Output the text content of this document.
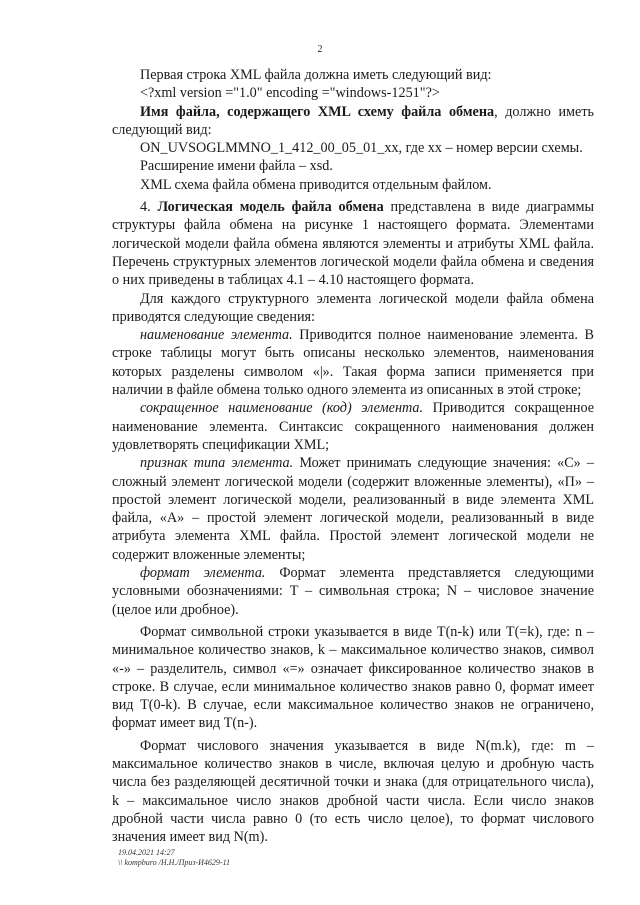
2

Первая строка XML файла должна иметь следующий вид:

<?xml version ="1.0" encoding ="windows-1251"?>

Имя файла, содержащего XML схему файла обмена, должно иметь следующий вид:

ON_UVSOGLMMNO_1_412_00_05_01_xx, где xx – номер версии схемы.

Расширение имени файла – xsd.

XML схема файла обмена приводится отдельным файлом.

4. Логическая модель файла обмена представлена в виде диаграммы структуры файла обмена на рисунке 1 настоящего формата. Элементами логической модели файла обмена являются элементы и атрибуты XML файла. Перечень структурных элементов логической модели файла обмена и сведения о них приведены в таблицах 4.1 – 4.10 настоящего формата.

Для каждого структурного элемента логической модели файла обмена приводятся следующие сведения:

наименование элемента. Приводится полное наименование элемента. В строке таблицы могут быть описаны несколько элементов, наименования которых разделены символом «|». Такая форма записи применяется при наличии в файле обмена только одного элемента из описанных в этой строке;

сокращенное наименование (код) элемента. Приводится сокращенное наименование элемента. Синтаксис сокращенного наименования должен удовлетворять спецификации XML;

признак типа элемента. Может принимать следующие значения: «С» – сложный элемент логической модели (содержит вложенные элементы), «П» – простой элемент логической модели, реализованный в виде элемента XML файла, «А» – простой элемент логической модели, реализованный в виде атрибута элемента XML файла. Простой элемент логической модели не содержит вложенные элементы;

формат элемента. Формат элемента представляется следующими условными обозначениями: T – символьная строка; N – числовое значение (целое или дробное).

Формат символьной строки указывается в виде T(n-k) или T(=k), где: n – минимальное количество знаков, k – максимальное количество знаков, символ «-» – разделитель, символ «=» означает фиксированное количество знаков в строке. В случае, если минимальное количество знаков равно 0, формат имеет вид T(0-k). В случае, если максимальное количество знаков не ограничено, формат имеет вид T(n-).

Формат числового значения указывается в виде N(m.k), где: m – максимальное количество знаков в числе, включая целую и дробную часть числа без разделяющей десятичной точки и знака (для отрицательного числа), k – максимальное число знаков дробной части числа. Если число знаков дробной части числа равно 0 (то есть число целое), то формат числового значения имеет вид N(m).

19.04.2021 14:27
\\ kompburo /Н.Н./Приз-И4629-11
